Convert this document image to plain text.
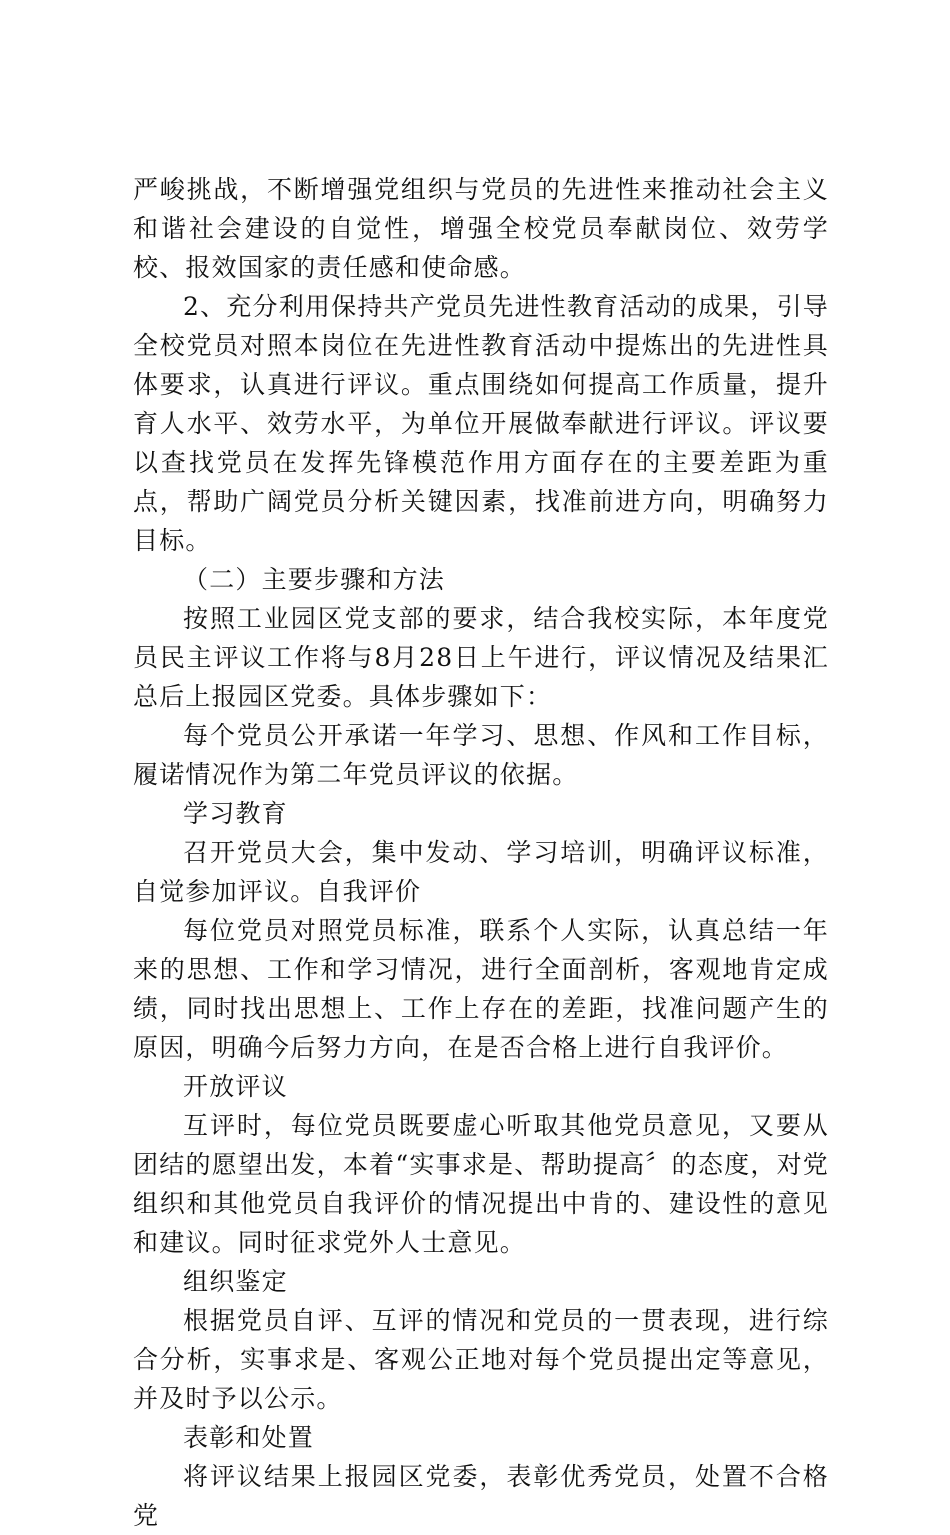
严峻挑战，不断增强党组织与党员的先进性来推动社会主义和谐社会建设的自觉性，增强全校党员奉献岗位、效劳学校、报效国家的责任感和使命感。

2、充分利用保持共产党员先进性教育活动的成果，引导全校党员对照本岗位在先进性教育活动中提炼出的先进性具体要求，认真进行评议。重点围绕如何提高工作质量，提升育人水平、效劳水平，为单位开展做奉献进行评议。评议要以查找党员在发挥先锋模范作用方面存在的主要差距为重点，帮助广阔党员分析关键因素，找准前进方向，明确努力目标。

（二）主要步骤和方法

按照工业园区党支部的要求，结合我校实际，本年度党员民主评议工作将与8月28日上午进行，评议情况及结果汇总后上报园区党委。具体步骤如下：

每个党员公开承诺一年学习、思想、作风和工作目标，履诺情况作为第二年党员评议的依据。

学习教育

召开党员大会，集中发动、学习培训，明确评议标准，自觉参加评议。自我评价

每位党员对照党员标准，联系个人实际，认真总结一年来的思想、工作和学习情况，进行全面剖析，客观地肯定成绩，同时找出思想上、工作上存在的差距，找准问题产生的原因，明确今后努力方向，在是否合格上进行自我评价。

开放评议

互评时，每位党员既要虚心听取其他党员意见，又要从团结的愿望出发，本着“实事求是、帮助提高〞的态度，对党组织和其他党员自我评价的情况提出中肯的、建设性的意见和建议。同时征求党外人士意见。

组织鉴定

根据党员自评、互评的情况和党员的一贯表现，进行综合分析，实事求是、客观公正地对每个党员提出定等意见，并及时予以公示。

表彰和处置

将评议结果上报园区党委，表彰优秀党员，处置不合格党
